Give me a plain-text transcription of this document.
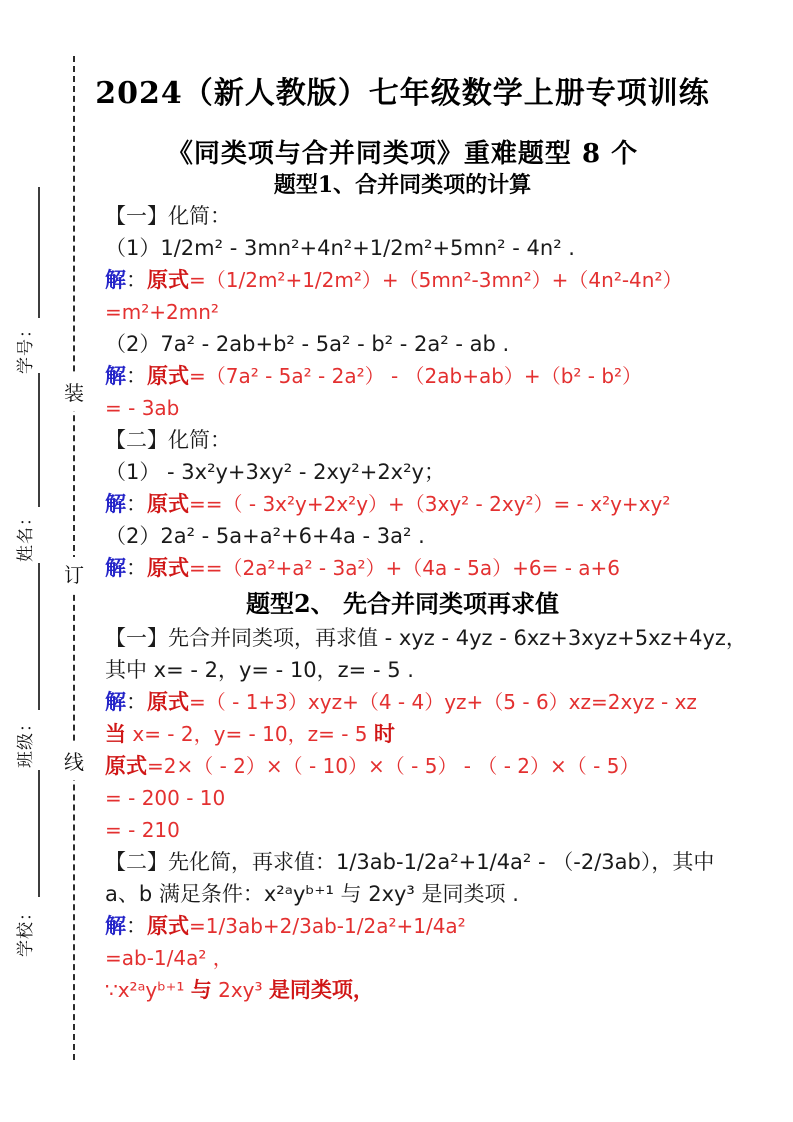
装
订
线
学号：
姓名：
班级：
学校：
2024（新人教版）七年级数学上册专项训练
《同类项与合并同类项》重难题型 8 个
题型1、合并同类项的计算
【一】化简：
（1）1/2m² - 3mn²+4n²+1/2m²+5mn² - 4n² .
解：原式=（1/2m²+1/2m²）+（5mn²-3mn²）+（4n²-4n²）
=m²+2mn²
（2）7a² - 2ab+b² - 5a² - b² - 2a² - ab .
解：原式=（7a² - 5a² - 2a²） - （2ab+ab）+（b² - b²）
= - 3ab
【二】化简：
（1） - 3x²y+3xy² - 2xy²+2x²y；
解：原式==（ - 3x²y+2x²y）+（3xy² - 2xy²）= - x²y+xy²
（2）2a² - 5a+a²+6+4a - 3a² .
解：原式==（2a²+a² - 3a²）+（4a - 5a）+6= - a+6
题型2、 先合并同类项再求值
【一】先合并同类项，再求值 - xyz - 4yz - 6xz+3xyz+5xz+4yz，
其中 x= - 2，y= - 10，z= - 5 .
解：原式=（ - 1+3）xyz+（4 - 4）yz+（5 - 6）xz=2xyz - xz
当 x= - 2，y= - 10，z= - 5 时
原式=2×（ - 2）×（ - 10）×（ - 5） - （ - 2）×（ - 5）
= - 200 - 10
= - 210
【二】先化简，再求值：1/3ab-1/2a²+1/4a² - （-2/3ab），其中
a、b 满足条件：x²ᵃyᵇ⁺¹ 与 2xy³ 是同类项 .
解：原式=1/3ab+2/3ab-1/2a²+1/4a²
=ab-1/4a² ，
∵x²ᵃyᵇ⁺¹ 与 2xy³ 是同类项，
